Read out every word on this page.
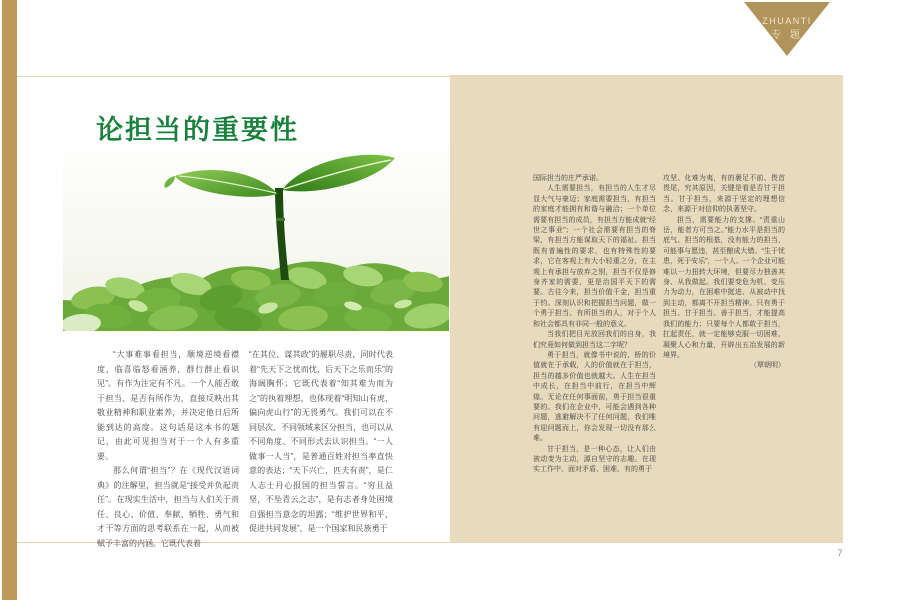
ZHUANTI
专 题
论担当的重要性

“大事难事看担当，顺境逆境看襟度，临喜临怒看涵养，群行群止看识见”。有作为注定有不凡。一个人能否敢于担当、是否有所作为，直接反映出其敬业精神和职业素养，并决定他日后所能到达的高度。这句话是这本书的题记，由此可见担当对于一个人有多重要。

那么何谓“担当”？在《现代汉语词典》的注解里，担当就是“接受并负起责任”。在现实生活中，担当与人们关于责任、良心、价值、奉献、牺牲、勇气和才干等方面的思考联系在一起，从而被赋予丰富的内涵。它既代表着

“在其位、谋其政”的履职尽责，同时代表着“先天下之忧而忧，后天下之乐而乐”的海阔胸怀；它既代表着“知其难为而为之”的执着理想，也体现着“明知山有虎，偏向虎山行”的无畏勇气。我们可以在不同层次、不同领域来区分担当，也可以从不同角度、不同形式去认识担当。“一人做事一人当”，是普通百姓对担当率直快意的表达；“天下兴亡，匹夫有责”，是仁人志士丹心报国的担当誓言。“穷且益坚，不坠青云之志”，是有志者身处困境自强担当意念的坦露；“维护世界和平，促进共同发展”，是一个国家和民族勇于

国际担当的庄严承诺。

人生需要担当，有担当的人生才尽显大气与豪迈；家庭需要担当，有担当的家庭才能拥有和谐与融洽；一个单位需要有担当的成员，有担当方能成就“经世之事业”；一个社会需要有担当的脊梁，有担当方能谋取天下的福祉。担当既有普遍性的要求，也有特殊性的要求，它在客观上有大小轻重之分，在主观上有承担与放弃之别，担当不仅是修身齐家的需要，更是治国平天下的需要。古往今来，担当价值千金，担当重于钧。深刻认识和把握担当问题，做一个勇于担当、有所担当的人，对于个人和社会都具有非同一般的意义。

当我们把目光放回我们的自身，我们究竟如何做到担当这二字呢？

勇于担当，就像书中说的，桥的价值就在于承载，人的价值就在于担当，担当的越多价值也就越大。人生在担当中成长，在担当中前行，在担当中辉煌。无论在任何事面前，勇于担当很重要的。我们在企业中，可能会遇到各种问题，逃避解决不了任何问题，我们唯有迎问题而上，你会发现一切没有那么难。

甘于担当，是一种心态，让人们由被动变为主动，源自坚守的志趣。在现实工作中，面对矛盾、困难，有的勇于

攻坚、化难为夷，有的裹足不前、畏首畏尾，究其原因，关键是看是否甘于担当。甘于担当，来源于坚定的理想信念，来源于对信仰的执著坚守。

担当，需要能力的支撑。“责重山岳，能者方可当之。”能力水平是担当的底气、担当的根基，没有能力的担当，可能事与愿违，甚至酿成大错。“生于忧患，死于安乐”，一个人、一个企业可能难以一力扭转大环境，但要尽力独善其身、从我做起。我们要变危为机、变压力为动力，在困难中挺进、从被动中找到主动，都离不开担当精神。只有勇于担当、甘于担当、善于担当，才能提高我们的能力；只要每个人都敢于担当，扛起责任，就一定能够克服一切困难，凝聚人心和力量，开辟出五冶发展的新境界。

（覃朝明）

7
